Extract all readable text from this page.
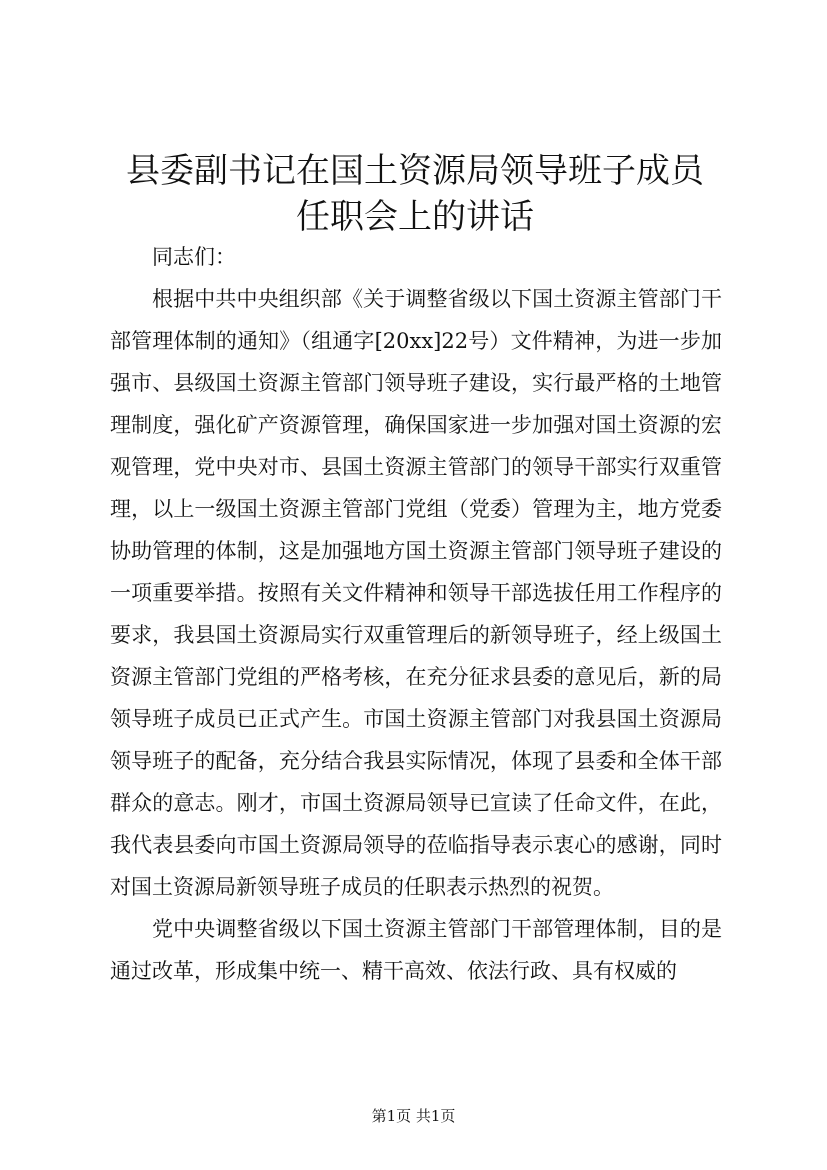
县委副书记在国土资源局领导班子成员任职会上的讲话

同志们：

根据中共中央组织部《关于调整省级以下国土资源主管部门干部管理体制的通知》（组通字[20xx]22号）文件精神，为进一步加强市、县级国土资源主管部门领导班子建设，实行最严格的土地管理制度，强化矿产资源管理，确保国家进一步加强对国土资源的宏观管理，党中央对市、县国土资源主管部门的领导干部实行双重管理，以上一级国土资源主管部门党组（党委）管理为主，地方党委协助管理的体制，这是加强地方国土资源主管部门领导班子建设的一项重要举措。按照有关文件精神和领导干部选拔任用工作程序的要求，我县国土资源局实行双重管理后的新领导班子，经上级国土资源主管部门党组的严格考核，在充分征求县委的意见后，新的局领导班子成员已正式产生。市国土资源主管部门对我县国土资源局领导班子的配备，充分结合我县实际情况，体现了县委和全体干部群众的意志。刚才，市国土资源局领导已宣读了任命文件，在此，我代表县委向市国土资源局领导的莅临指导表示衷心的感谢，同时对国土资源局新领导班子成员的任职表示热烈的祝贺。

党中央调整省级以下国土资源主管部门干部管理体制，目的是通过改革，形成集中统一、精干高效、依法行政、具有权威的

第1页 共1页
